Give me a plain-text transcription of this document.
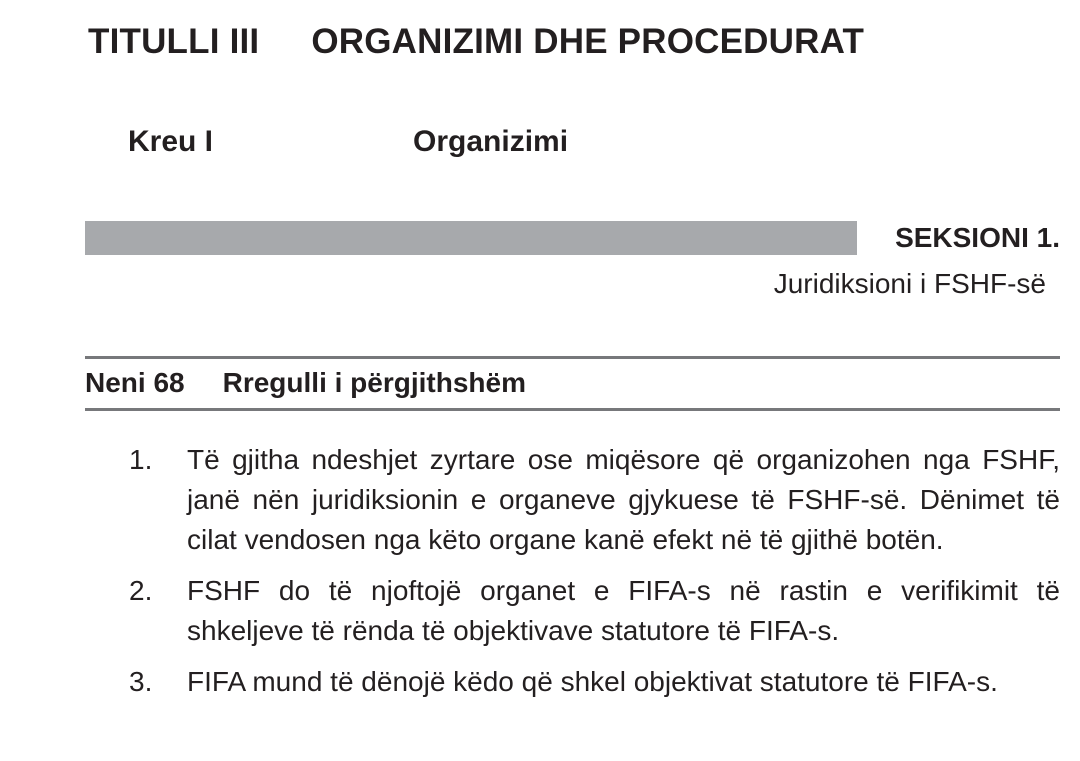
TITULLI III ORGANIZIMI DHE PROCEDURAT
Kreu I	Organizimi
SEKSIONI 1.
Juridiksioni i FSHF-së
Neni 68 Rregulli i përgjithshëm
1.	Të gjitha ndeshjet zyrtare ose miqësore që organizohen nga FSHF, janë nën juridiksionin e organeve gjykuese të FSHF-së. Dënimet të cilat vendosen nga këto organe kanë efekt në të gjithë botën.
2.	FSHF do të njoftojë organet e FIFA-s në rastin e verifikimit të shkeljeve të rënda të objektivave statutore të FIFA-s.
3.	FIFA mund të dënojë këdo që shkel objektivat statutore të FIFA-s.
